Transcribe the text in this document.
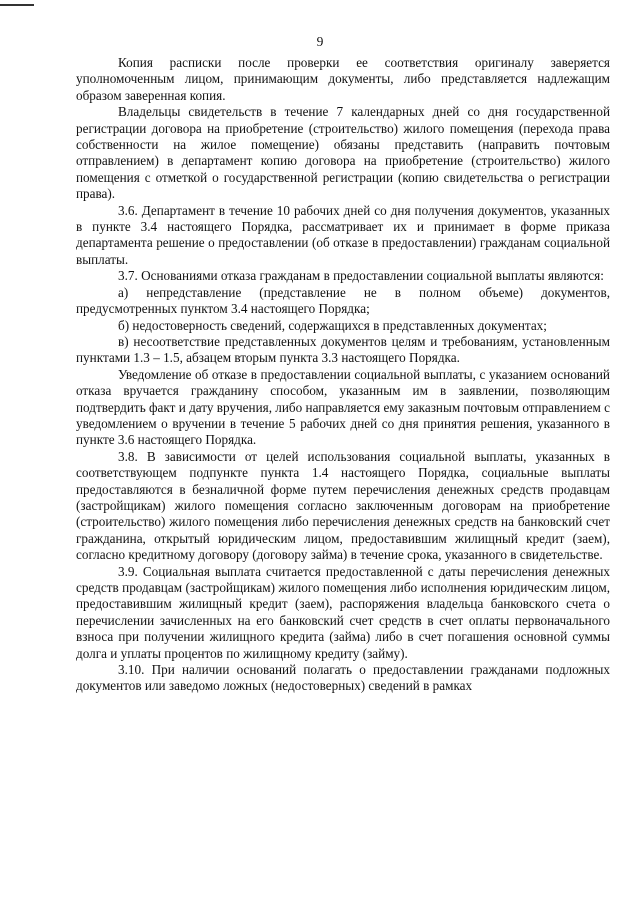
9

Копия расписки после проверки ее соответствия оригиналу заверяется уполномоченным лицом, принимающим документы, либо представляется надлежащим образом заверенная копия.

Владельцы свидетельств в течение 7 календарных дней со дня государственной регистрации договора на приобретение (строительство) жилого помещения (перехода права собственности на жилое помещение) обязаны представить (направить почтовым отправлением) в департамент копию договора на приобретение (строительство) жилого помещения с отметкой о государственной регистрации (копию свидетельства о регистрации права).

3.6. Департамент в течение 10 рабочих дней со дня получения документов, указанных в пункте 3.4 настоящего Порядка, рассматривает их и принимает в форме приказа департамента решение о предоставлении (об отказе в предоставлении) гражданам социальной выплаты.

3.7. Основаниями отказа гражданам в предоставлении социальной выплаты являются:

а) непредставление (представление не в полном объеме) документов, предусмотренных пунктом 3.4 настоящего Порядка;

б) недостоверность сведений, содержащихся в представленных документах;

в) несоответствие представленных документов целям и требованиям, установленным пунктами 1.3 – 1.5, абзацем вторым пункта 3.3 настоящего Порядка.

Уведомление об отказе в предоставлении социальной выплаты, с указанием оснований отказа вручается гражданину способом, указанным им в заявлении, позволяющим подтвердить факт и дату вручения, либо направляется ему заказным почтовым отправлением с уведомлением о вручении в течение 5 рабочих дней со дня принятия решения, указанного в пункте 3.6 настоящего Порядка.

3.8. В зависимости от целей использования социальной выплаты, указанных в соответствующем подпункте пункта 1.4 настоящего Порядка, социальные выплаты предоставляются в безналичной форме путем перечисления денежных средств продавцам (застройщикам) жилого помещения согласно заключенным договорам на приобретение (строительство) жилого помещения либо перечисления денежных средств на банковский счет гражданина, открытый юридическим лицом, предоставившим жилищный кредит (заем), согласно кредитному договору (договору займа) в течение срока, указанного в свидетельстве.

3.9. Социальная выплата считается предоставленной с даты перечисления денежных средств продавцам (застройщикам) жилого помещения либо исполнения юридическим лицом, предоставившим жилищный кредит (заем), распоряжения владельца банковского счета о перечислении зачисленных на его банковский счет средств в счет оплаты первоначального взноса при получении жилищного кредита (займа) либо в счет погашения основной суммы долга и уплаты процентов по жилищному кредиту (займу).

3.10. При наличии оснований полагать о предоставлении гражданами подложных документов или заведомо ложных (недостоверных) сведений в рамках
